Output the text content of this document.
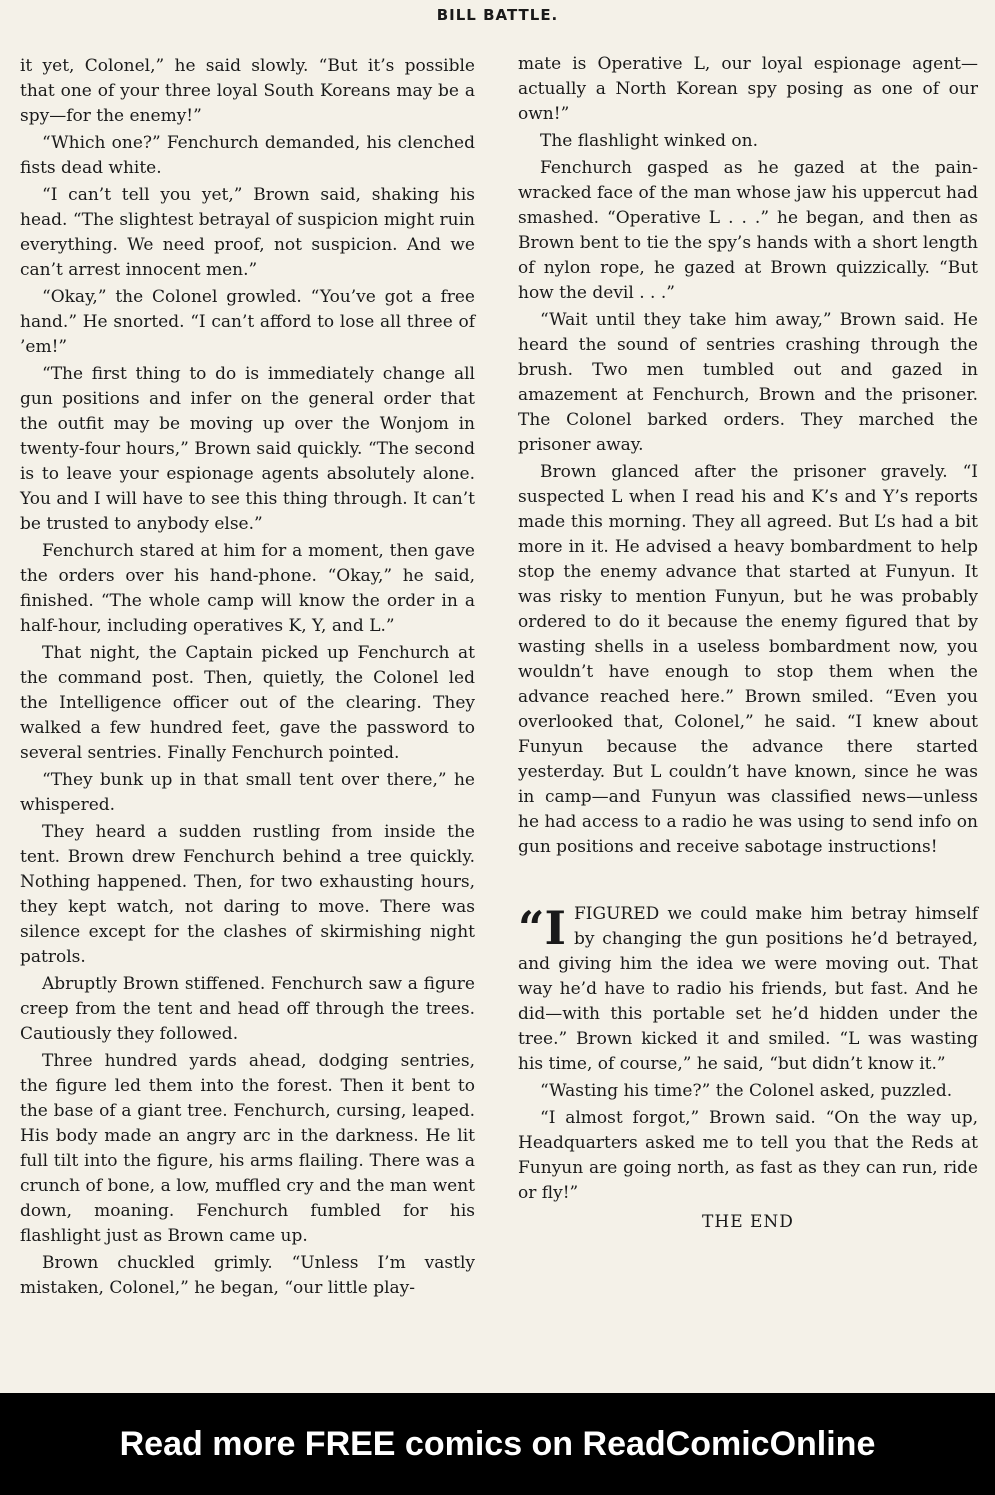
BILL BATTLE.

it yet, Colonel,” he said slowly. “But it’s possible that one of your three loyal South Koreans may be a spy—for the enemy!”

“Which one?” Fenchurch demanded, his clenched fists dead white.

“I can’t tell you yet,” Brown said, shaking his head. “The slightest betrayal of suspicion might ruin everything. We need proof, not suspicion. And we can’t arrest innocent men.”

“Okay,” the Colonel growled. “You’ve got a free hand.” He snorted. “I can’t afford to lose all three of ’em!”

“The first thing to do is immediately change all gun positions and infer on the general order that the outfit may be moving up over the Wonjom in twenty-four hours,” Brown said quickly. “The second is to leave your espionage agents absolutely alone. You and I will have to see this thing through. It can’t be trusted to anybody else.”

Fenchurch stared at him for a moment, then gave the orders over his hand-phone. “Okay,” he said, finished. “The whole camp will know the order in a half-hour, including operatives K, Y, and L.”

That night, the Captain picked up Fenchurch at the command post. Then, quietly, the Colonel led the Intelligence officer out of the clearing. They walked a few hundred feet, gave the password to several sentries. Finally Fenchurch pointed.

“They bunk up in that small tent over there,” he whispered.

They heard a sudden rustling from inside the tent. Brown drew Fenchurch behind a tree quickly. Nothing happened. Then, for two exhausting hours, they kept watch, not daring to move. There was silence except for the clashes of skirmishing night patrols.

Abruptly Brown stiffened. Fenchurch saw a figure creep from the tent and head off through the trees. Cautiously they followed.

Three hundred yards ahead, dodging sentries, the figure led them into the forest. Then it bent to the base of a giant tree. Fenchurch, cursing, leaped. His body made an angry arc in the darkness. He lit full tilt into the figure, his arms flailing. There was a crunch of bone, a low, muffled cry and the man went down, moaning. Fenchurch fumbled for his flashlight just as Brown came up.

Brown chuckled grimly. “Unless I’m vastly mistaken, Colonel,” he began, “our little play-

mate is Operative L, our loyal espionage agent—actually a North Korean spy posing as one of our own!”

The flashlight winked on.

Fenchurch gasped as he gazed at the pain-wracked face of the man whose jaw his uppercut had smashed. “Operative L . . .” he began, and then as Brown bent to tie the spy’s hands with a short length of nylon rope, he gazed at Brown quizzically. “But how the devil . . .”

“Wait until they take him away,” Brown said. He heard the sound of sentries crashing through the brush. Two men tumbled out and gazed in amazement at Fenchurch, Brown and the prisoner. The Colonel barked orders. They marched the prisoner away.

Brown glanced after the prisoner gravely. “I suspected L when I read his and K’s and Y’s reports made this morning. They all agreed. But L’s had a bit more in it. He advised a heavy bombardment to help stop the enemy advance that started at Funyun. It was risky to mention Funyun, but he was probably ordered to do it because the enemy figured that by wasting shells in a useless bombardment now, you wouldn’t have enough to stop them when the advance reached here.” Brown smiled. “Even you overlooked that, Colonel,” he said. “I knew about Funyun because the advance there started yesterday. But L couldn’t have known, since he was in camp—and Funyun was classified news—unless he had access to a radio he was using to send info on gun positions and receive sabotage instructions!

“IFIGURED we could make him betray himself by changing the gun positions he’d betrayed, and giving him the idea we were moving out. That way he’d have to radio his friends, but fast. And he did—with this portable set he’d hidden under the tree.” Brown kicked it and smiled. “L was wasting his time, of course,” he said, “but didn’t know it.”

“Wasting his time?” the Colonel asked, puzzled.

“I almost forgot,” Brown said. “On the way up, Headquarters asked me to tell you that the Reds at Funyun are going north, as fast as they can run, ride or fly!”

THE END
Read more FREE comics on ReadComicOnline
